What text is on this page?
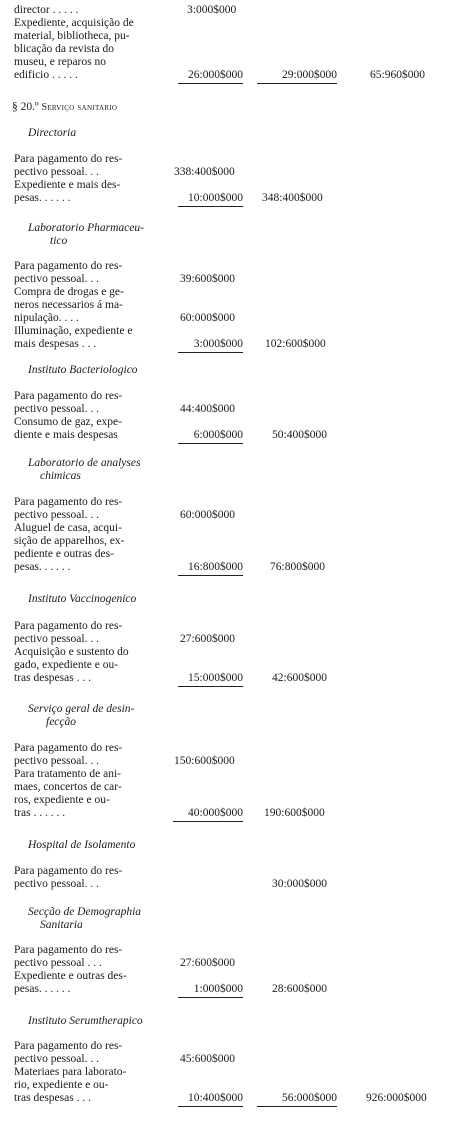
director . . . . .	3:000$000
Expediente, acquisição de
material, bibliotheca, pu-
blicação da revista do
museu, e reparos no
edificio . . . . .	26:000$000	29:000$000	65:960$000
§ 20.º Serviço sanitario
Directoria
Para pagamento do res-
pectivo pessoal. . .	338:400$000
Expediente e mais des-
pesas. . . . . .	10:000$000 348:400$000
Laboratorio Pharmaceu-
tico
Para pagamento do res-
pectivo pessoal. . .	39:600$000
Compra de drogas e ge-
neros necessarios á ma-
nipulação. . . .	60:000$000
Illuminação, expediente e
mais despesas . . .	3:000$000 102:600$000
Instituto Bacteriologico
Para pagamento do res-
pectivo pessoal. . .	44:400$000
Consumo de gaz, expe-
diente e mais despesas	6:000$000	50:400$000
Laboratorio de analyses
chimicas
Para pagamento do res-
pectivo pessoal. . .	60:000$000
Aluguel de casa, acqui-
sição de apparelhos, ex-
pediente e outras des-
pesas. . . . . .	16:800$000 76:800$000
Instituto Vaccinogenico
Para pagamento do res-
pectivo pessoal. . .	27:600$000
Acquisição e sustento do
gado, expediente e ou-
tras despesas . . .	15:000$000	42:600$000
Serviço geral de desin-
fecção
Para pagamento do res-
pectivo pessoal. . .	150:600$000
Para tratamento de ani-
maes, concertos de car-
ros, expediente e ou-
tras . . . . . .	40:000$000 190:600$000
Hospital de Isolamento
Para pagamento do res-
pectivo pessoal. . .	30:000$000
Secção de Demographia
Sanitaria
Para pagamento do res-
pectivo pessoal . . .	27:600$000
Expediente e outras des-
pesas. . . . . .	1:000$000	28:600$000
Instituto Serumtherapico
Para pagamento do res-
pectivo pessoal. . .	45:600$000
Materiaes para laborato-
rio, expediente e ou-
tras despesas . . .	10:400$000	56:000$000	926:000$000
